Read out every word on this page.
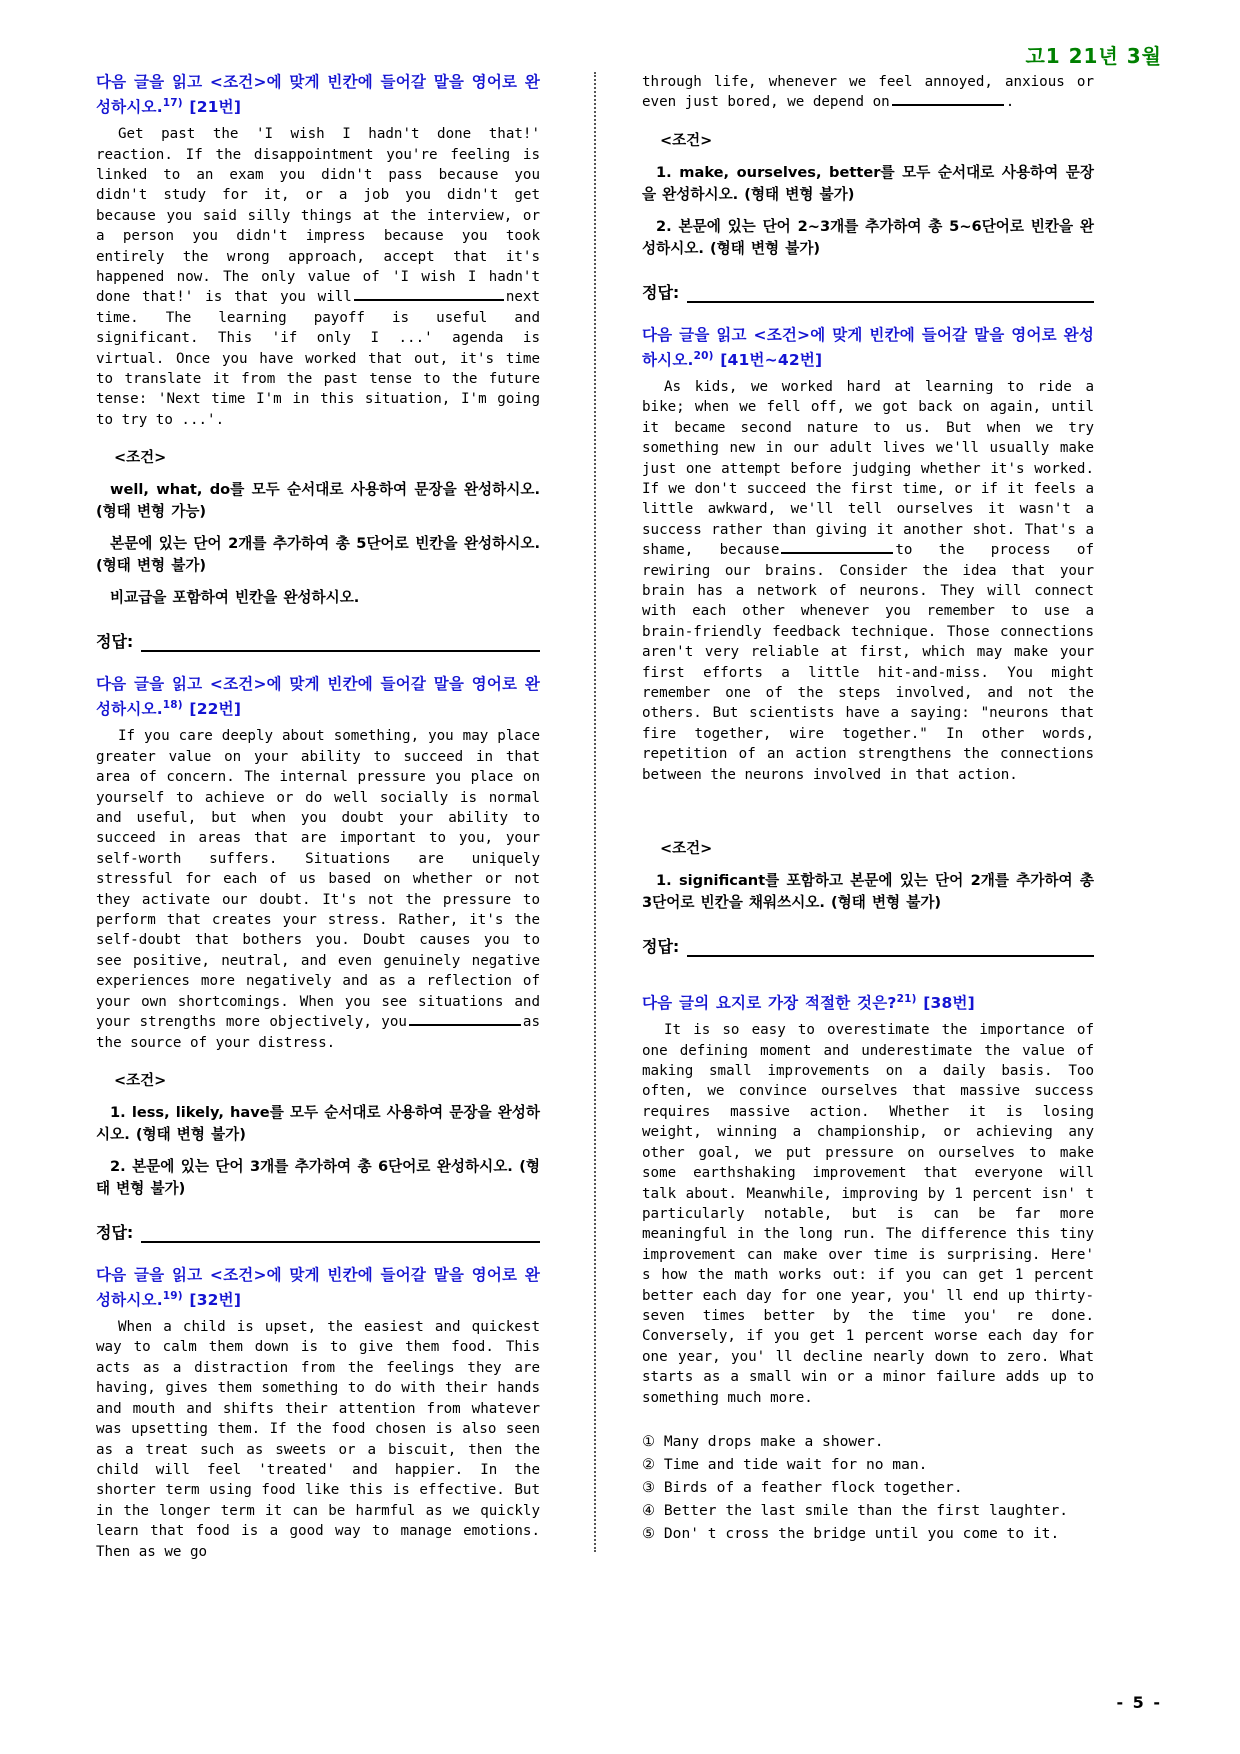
고1 21년 3월
다음 글을 읽고 <조건>에 맞게 빈칸에 들어갈 말을 영어로 완성하시오.$^{17)}$ [21번]
Get past the 'I wish I hadn't done that!' reaction. If the disappointment you're feeling is linked to an exam you didn't pass because you didn't study for it, or a job you didn't get because you said silly things at the interview, or a person you didn't impress because you took entirely the wrong approach, accept that it's happened now. The only value of 'I wish I hadn't done that!' is that you will	next time. The learning payoff is useful and significant. This 'if only I ...' agenda is virtual. Once you have worked that out, it's time to translate it from the past tense to the future tense: 'Next time I'm in this situation, I'm going to try to ...'.
<조건>
well, what, do를 모두 순서대로 사용하여 문장을 완성하시오. (형태 변형 가능)
본문에 있는 단어 2개를 추가하여 총 5단어로 빈칸을 완성하시오. (형태 변형 불가)
비교급을 포함하여 빈칸을 완성하시오.
정답:
다음 글을 읽고 <조건>에 맞게 빈칸에 들어갈 말을 영어로 완성하시오.$^{18)}$ [22번]
If you care deeply about something, you may place greater value on your ability to succeed in that area of concern. The internal pressure you place on yourself to achieve or do well socially is normal and useful, but when you doubt your ability to succeed in areas that are important to you, your self-worth suffers. Situations are uniquely stressful for each of us based on whether or not they activate our doubt. It's not the pressure to perform that creates your stress. Rather, it's the self-doubt that bothers you. Doubt causes you to see positive, neutral, and even genuinely negative experiences more negatively and as a reflection of your own shortcomings. When you see situations and your strengths more objectively, you	as the source of your distress.
<조건>
1. less, likely, have를 모두 순서대로 사용하여 문장을 완성하시오. (형태 변형 불가)
2. 본문에 있는 단어 3개를 추가하여 총 6단어로 완성하시오. (형태 변형 불가)
정답:
다음 글을 읽고 <조건>에 맞게 빈칸에 들어갈 말을 영어로 완성하시오.$^{19)}$ [32번]
When a child is upset, the easiest and quickest way to calm them down is to give them food. This acts as a distraction from the feelings they are having, gives them something to do with their hands and mouth and shifts their attention from whatever was upsetting them. If the food chosen is also seen as a treat such as sweets or a biscuit, then the child will feel 'treated' and happier. In the shorter term using food like this is effective. But in the longer term it can be harmful as we quickly learn that food is a good way to manage emotions. Then as we go
through life, whenever we feel annoyed, anxious or even just bored, we depend on	.
<조건>
1. make, ourselves, better를 모두 순서대로 사용하여 문장을 완성하시오. (형태 변형 불가)
2. 본문에 있는 단어 2~3개를 추가하여 총 5~6단어로 빈칸을 완성하시오. (형태 변형 불가)
정답:
다음 글을 읽고 <조건>에 맞게 빈칸에 들어갈 말을 영어로 완성하시오.$^{20)}$ [41번~42번]
As kids, we worked hard at learning to ride a bike; when we fell off, we got back on again, until it became second nature to us. But when we try something new in our adult lives we'll usually make just one attempt before judging whether it's worked. If we don't succeed the first time, or if it feels a little awkward, we'll tell ourselves it wasn't a success rather than giving it another shot. That's a shame, because	to the process of rewiring our brains. Consider the idea that your brain has a network of neurons. They will connect with each other whenever you remember to use a brain-friendly feedback technique. Those connections aren't very reliable at first, which may make your first efforts a little hit-and-miss. You might remember one of the steps involved, and not the others. But scientists have a saying: "neurons that fire together, wire together." In other words, repetition of an action strengthens the connections between the neurons involved in that action.
<조건>
1. significant를 포함하고 본문에 있는 단어 2개를 추가하여 총 3단어로 빈칸을 채워쓰시오. (형태 변형 불가)
정답:
다음 글의 요지로 가장 적절한 것은?$^{21)}$ [38번]
It is so easy to overestimate the importance of one defining moment and underestimate the value of making small improvements on a daily basis. Too often, we convince ourselves that massive success requires massive action. Whether it is losing weight, winning a championship, or achieving any other goal, we put pressure on ourselves to make some earthshaking improvement that everyone will talk about. Meanwhile, improving by 1 percent isn' t particularly notable, but is can be far more meaningful in the long run. The difference this tiny improvement can make over time is surprising. Here' s how the math works out: if you can get 1 percent better each day for one year, you' ll end up thirty-seven times better by the time you' re done. Conversely, if you get 1 percent worse each day for one year, you' ll decline nearly down to zero. What starts as a small win or a minor failure adds up to something much more.
① Many drops make a shower.
② Time and tide wait for no man.
③ Birds of a feather flock together.
④ Better the last smile than the first laughter.
⑤ Don' t cross the bridge until you come to it.
- 5 -
